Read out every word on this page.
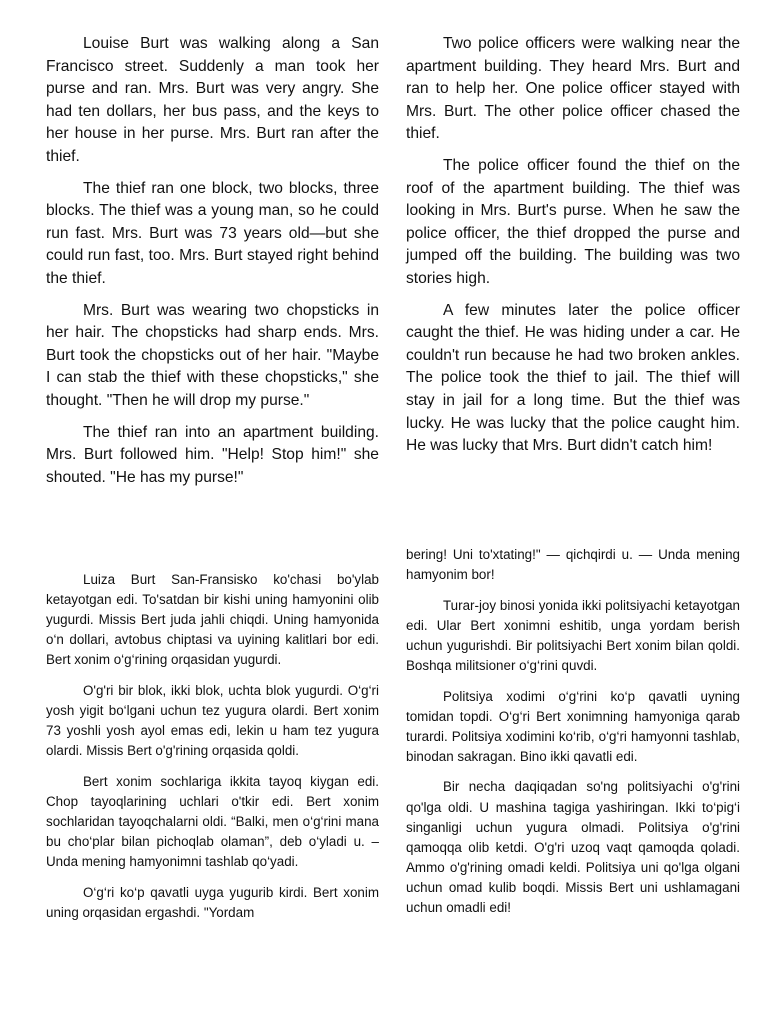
Louise Burt was walking along a San Francisco street. Suddenly a man took her purse and ran. Mrs. Burt was very angry. She had ten dollars, her bus pass, and the keys to her house in her purse. Mrs. Burt ran after the thief.

The thief ran one block, two blocks, three blocks. The thief was a young man, so he could run fast. Mrs. Burt was 73 years old—but she could run fast, too. Mrs. Burt stayed right behind the thief.

Mrs. Burt was wearing two chopsticks in her hair. The chopsticks had sharp ends. Mrs. Burt took the chopsticks out of her hair. "Maybe I can stab the thief with these chopsticks," she thought. "Then he will drop my purse."

The thief ran into an apartment building. Mrs. Burt followed him. "Help! Stop him!" she shouted. "He has my purse!"

Two police officers were walking near the apartment building. They heard Mrs. Burt and ran to help her. One police officer stayed with Mrs. Burt. The other police officer chased the thief.

The police officer found the thief on the roof of the apartment building. The thief was looking in Mrs. Burt's purse. When he saw the police officer, the thief dropped the purse and jumped off the building. The building was two stories high.

A few minutes later the police officer caught the thief. He was hiding under a car. He couldn't run because he had two broken ankles. The police took the thief to jail. The thief will stay in jail for a long time. But the thief was lucky. He was lucky that the police caught him. He was lucky that Mrs. Burt didn't catch him!

Luiza Burt San-Fransisko ko'chasi bo'ylab ketayotgan edi. To'satdan bir kishi uning hamyonini olib yugurdi. Missis Bert juda jahli chiqdi. Uning hamyonida o‘n dollari, avtobus chiptasi va uyining kalitlari bor edi. Bert xonim o‘g‘rining orqasidan yugurdi.

O'g'ri bir blok, ikki blok, uchta blok yugurdi. O‘g‘ri yosh yigit bo‘lgani uchun tez yugura olardi. Bert xonim 73 yoshli yosh ayol emas edi, lekin u ham tez yugura olardi. Missis Bert o'g'rining orqasida qoldi.

Bert xonim sochlariga ikkita tayoq kiygan edi. Chop tayoqlarining uchlari o'tkir edi. Bert xonim sochlaridan tayoqchalarni oldi. “Balki, men o‘g‘rini mana bu cho‘plar bilan pichoqlab olaman”, deb o‘yladi u. – Unda mening hamyonimni tashlab qo‘yadi.

O‘g‘ri ko‘p qavatli uyga yugurib kirdi. Bert xonim uning orqasidan ergashdi. "Yordam

bering! Uni to'xtating!" — qichqirdi u. — Unda mening hamyonim bor!

Turar-joy binosi yonida ikki politsiyachi ketayotgan edi. Ular Bert xonimni eshitib, unga yordam berish uchun yugurishdi. Bir politsiyachi Bert xonim bilan qoldi. Boshqa militsioner o‘g‘rini quvdi.

Politsiya xodimi o‘g‘rini ko‘p qavatli uyning tomidan topdi. O‘g‘ri Bert xonimning hamyoniga qarab turardi. Politsiya xodimini ko‘rib, o‘g‘ri hamyonni tashlab, binodan sakragan. Bino ikki qavatli edi.

Bir necha daqiqadan so'ng politsiyachi o'g'rini qo'lga oldi. U mashina tagiga yashiringan. Ikki to‘pig‘i singanligi uchun yugura olmadi. Politsiya o'g'rini qamoqqa olib ketdi. O'g'ri uzoq vaqt qamoqda qoladi. Ammo o'g'rining omadi keldi. Politsiya uni qo'lga olgani uchun omad kulib boqdi. Missis Bert uni ushlamagani uchun omadli edi!
